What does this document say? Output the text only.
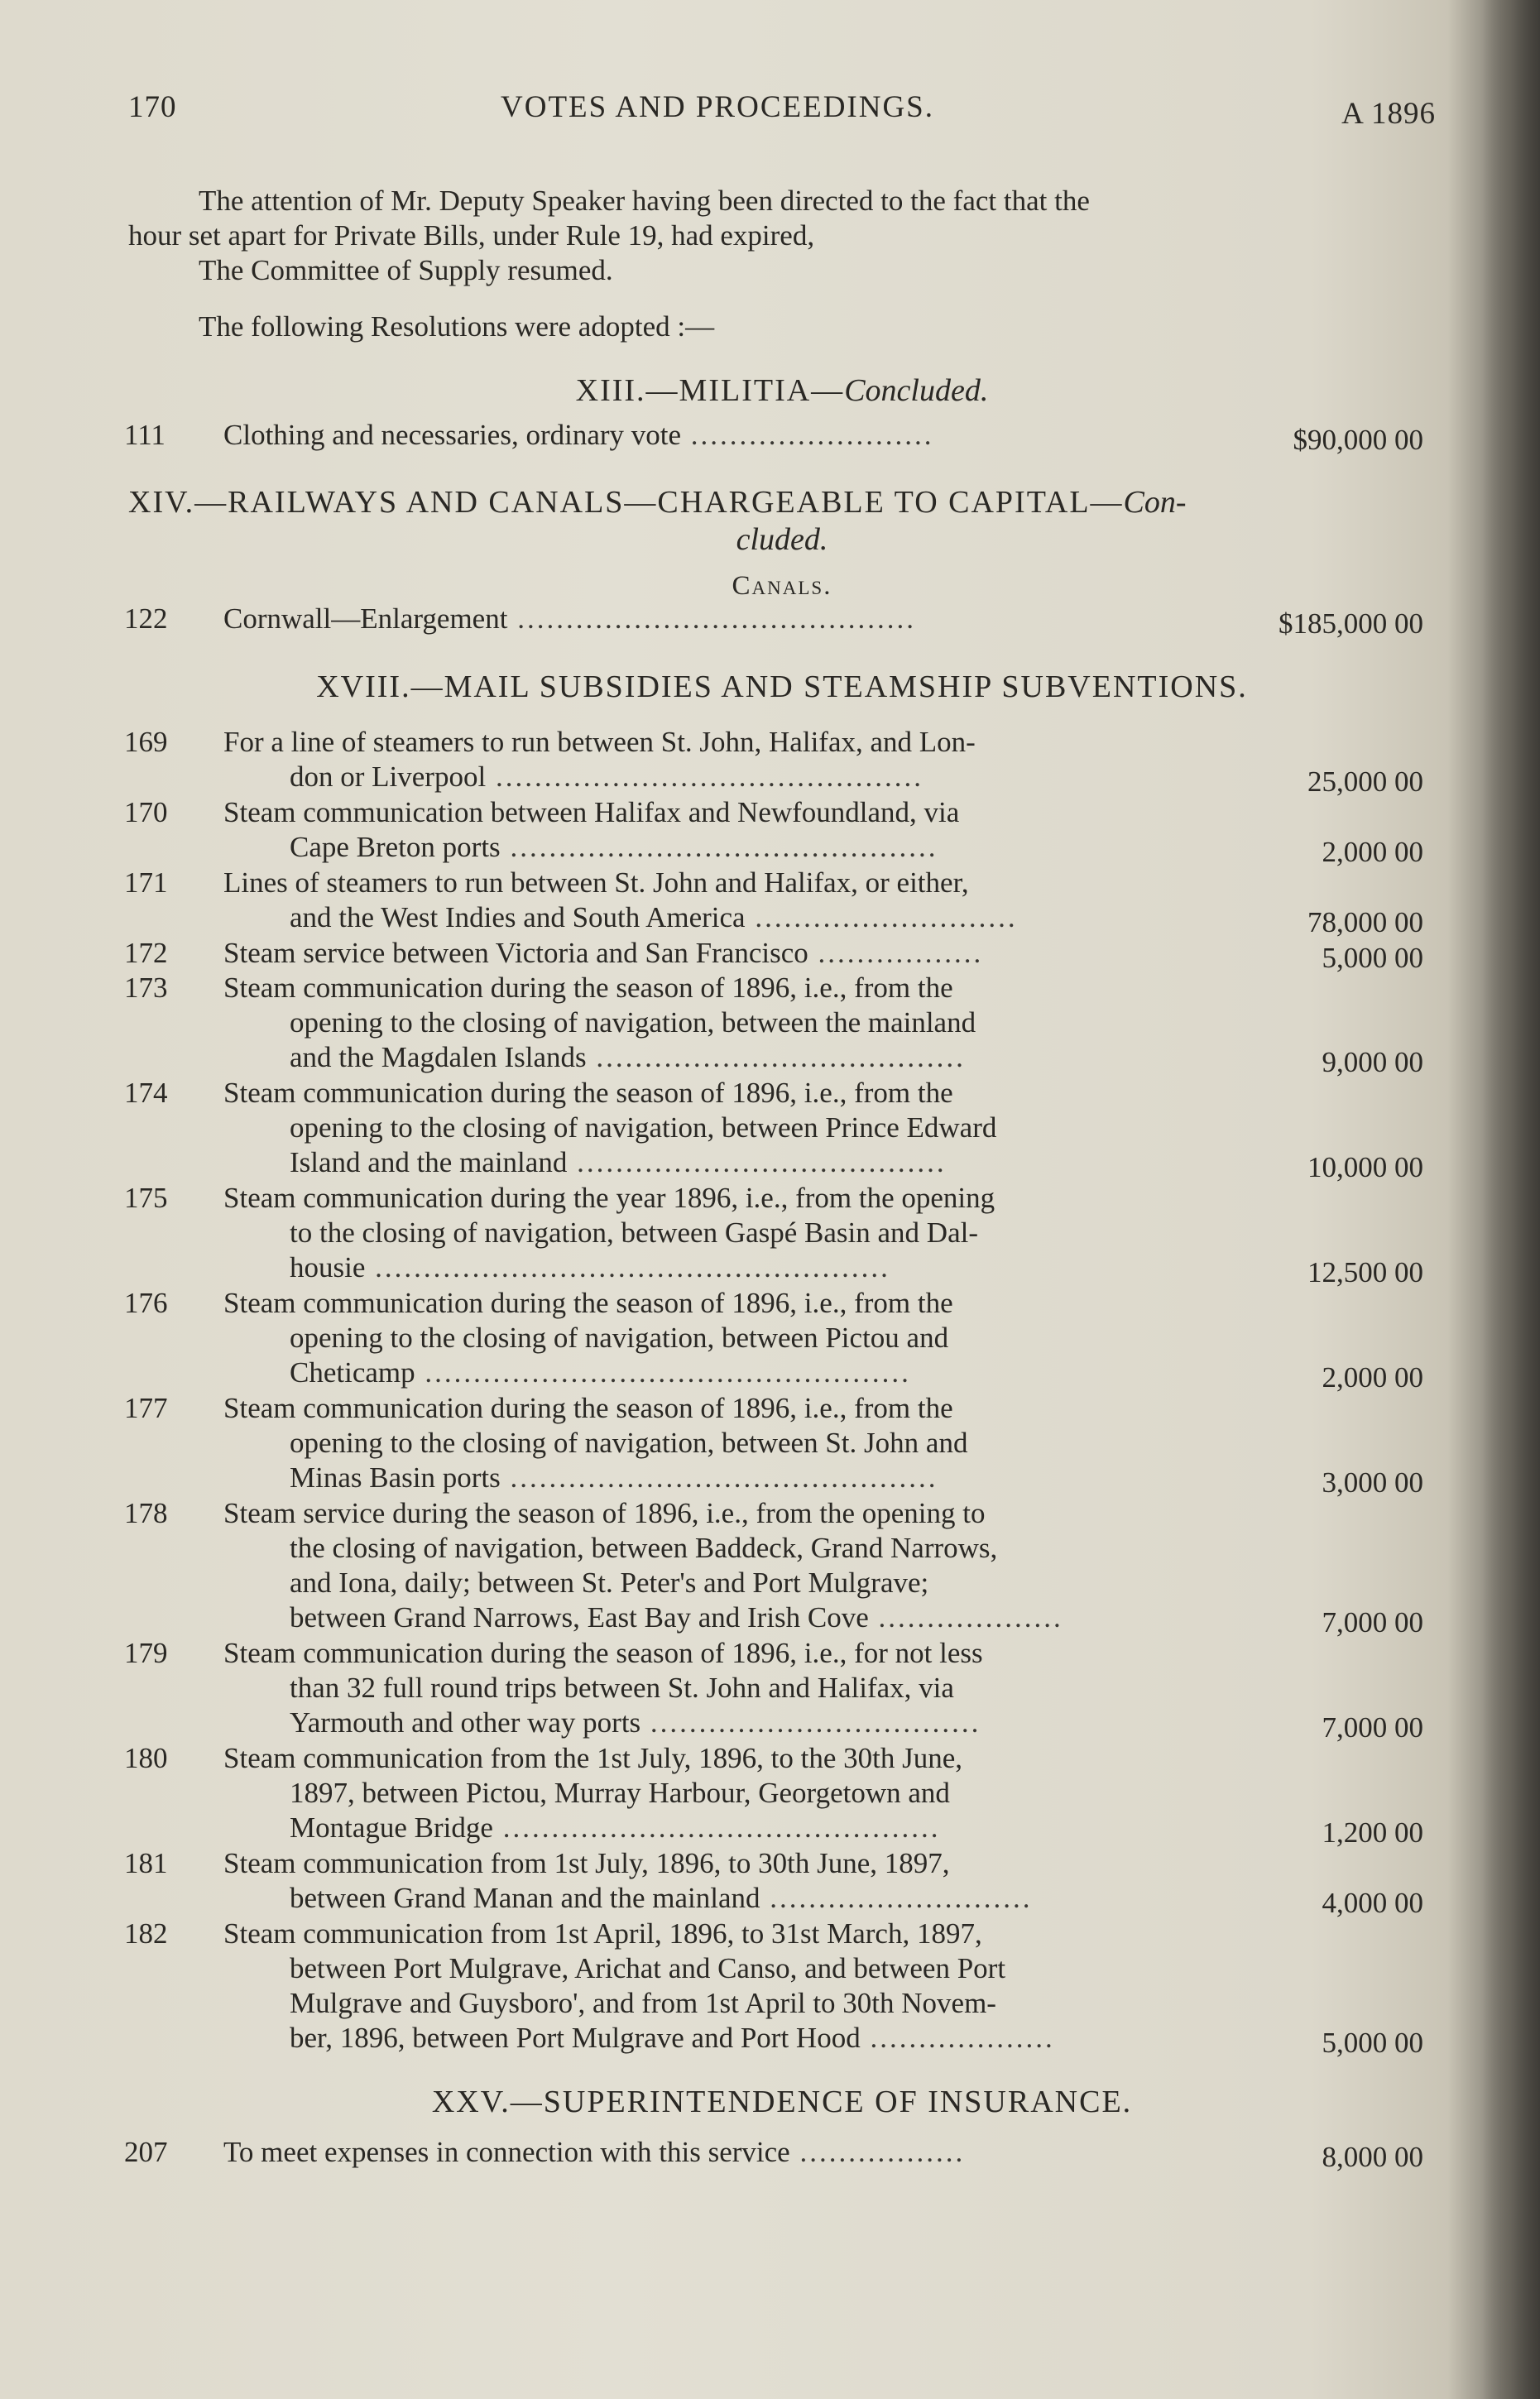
170	VOTES AND PROCEEDINGS.	A 1896
The attention of Mr. Deputy Speaker having been directed to the fact that the
hour set apart for Private Bills, under Rule 19, had expired,
The Committee of Supply resumed.
The following Resolutions were adopted :—
XIII.—MILITIA—Concluded.
111	Clothing and necessaries, ordinary vote .........................	$90,000 00
XIV.—RAILWAYS AND CANALS—CHARGEABLE TO CAPITAL—Con-
cluded.
Canals.
122	Cornwall—Enlargement .........................................	$185,000 00
XVIII.—MAIL SUBSIDIES AND STEAMSHIP SUBVENTIONS.
169	For a line of steamers to run between St. John, Halifax, and Lon-
don or Liverpool ............................................	25,000 00
170	Steam communication between Halifax and Newfoundland, via
Cape Breton ports ............................................	2,000 00
171	Lines of steamers to run between St. John and Halifax, or either,
and the West Indies and South America ...........................	78,000 00
172	Steam service between Victoria and San Francisco .................	5,000 00
173	Steam communication during the season of 1896, i.e., from the
opening to the closing of navigation, between the mainland
and the Magdalen Islands ......................................	9,000 00
174	Steam communication during the season of 1896, i.e., from the
opening to the closing of navigation, between Prince Edward
Island and the mainland ......................................	10,000 00
175	Steam communication during the year 1896, i.e., from the opening
to the closing of navigation, between Gaspé Basin and Dal-
housie .....................................................	12,500 00
176	Steam communication during the season of 1896, i.e., from the
opening to the closing of navigation, between Pictou and
Cheticamp ..................................................	2,000 00
177	Steam communication during the season of 1896, i.e., from the
opening to the closing of navigation, between St. John and
Minas Basin ports ............................................	3,000 00
178	Steam service during the season of 1896, i.e., from the opening to
the closing of navigation, between Baddeck, Grand Narrows,
and Iona, daily; between St. Peter's and Port Mulgrave;
between Grand Narrows, East Bay and Irish Cove ...................	7,000 00
179	Steam communication during the season of 1896, i.e., for not less
than 32 full round trips between St. John and Halifax, via
Yarmouth and other way ports ..................................	7,000 00
180	Steam communication from the 1st July, 1896, to the 30th June,
1897, between Pictou, Murray Harbour, Georgetown and
Montague Bridge .............................................	1,200 00
181	Steam communication from 1st July, 1896, to 30th June, 1897,
between Grand Manan and the mainland ...........................	4,000 00
182	Steam communication from 1st April, 1896, to 31st March, 1897,
between Port Mulgrave, Arichat and Canso, and between Port
Mulgrave and Guysboro', and from 1st April to 30th Novem-
ber, 1896, between Port Mulgrave and Port Hood ...................	5,000 00
XXV.—SUPERINTENDENCE OF INSURANCE.
207	To meet expenses in connection with this service .................	8,000 00
